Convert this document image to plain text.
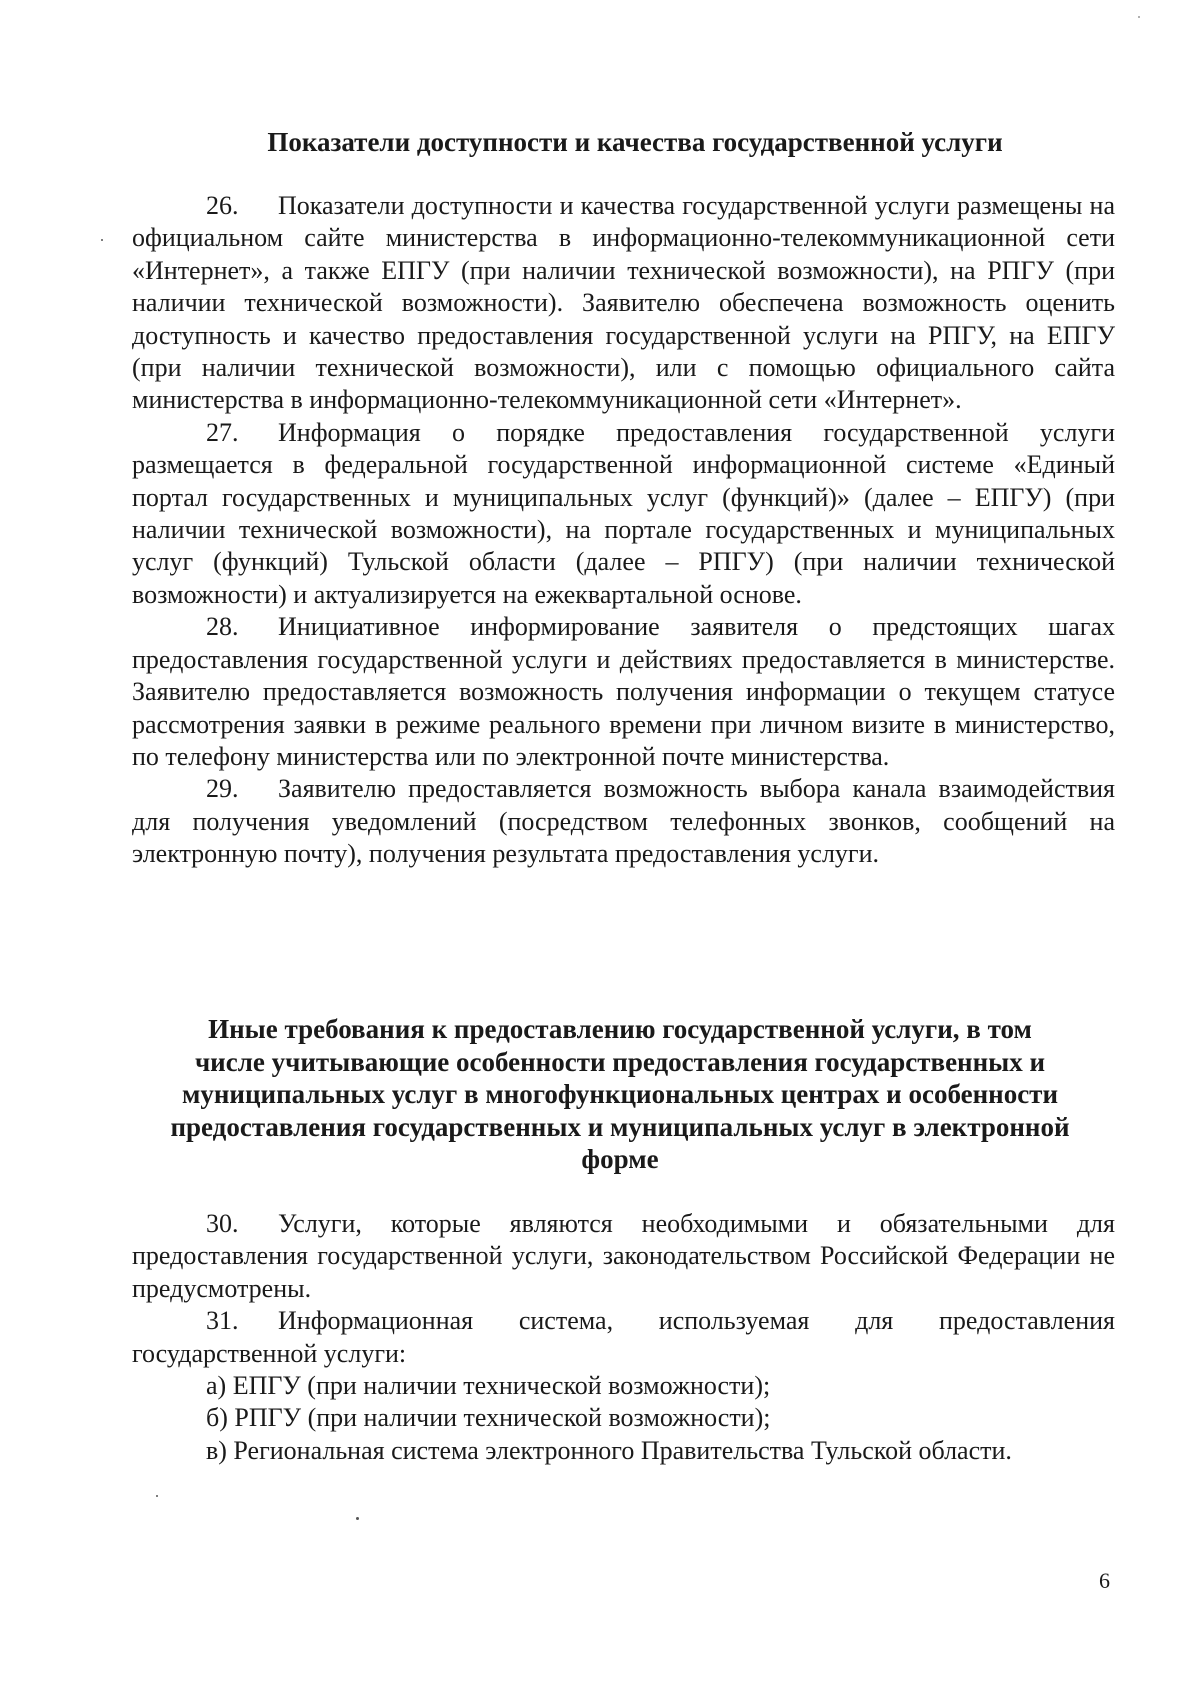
Показатели доступности и качества государственной услуги

26. Показатели доступности и качества государственной услуги размещены на официальном сайте министерства в информационно-телекоммуникационной сети «Интернет», а также ЕПГУ (при наличии технической возможности), на РПГУ (при наличии технической возможности). Заявителю обеспечена возможность оценить доступность и качество предоставления государственной услуги на РПГУ, на ЕПГУ (при наличии технической возможности), или с помощью официального сайта министерства в информационно-телекоммуникационной сети «Интернет».

27. Информация о порядке предоставления государственной услуги размещается в федеральной государственной информационной системе «Единый портал государственных и муниципальных услуг (функций)» (далее – ЕПГУ) (при наличии технической возможности), на портале государственных и муниципальных услуг (функций) Тульской области (далее – РПГУ) (при наличии технической возможности) и актуализируется на ежеквартальной основе.

28. Инициативное информирование заявителя о предстоящих шагах предоставления государственной услуги и действиях предоставляется в министерстве. Заявителю предоставляется возможность получения информации о текущем статусе рассмотрения заявки в режиме реального времени при личном визите в министерство, по телефону министерства или по электронной почте министерства.

29. Заявителю предоставляется возможность выбора канала взаимодействия для получения уведомлений (посредством телефонных звонков, сообщений на электронную почту), получения результата предоставления услуги.

Иные требования к предоставлению государственной услуги, в том
числе учитывающие особенности предоставления государственных и
муниципальных услуг в многофункциональных центрах и особенности
предоставления государственных и муниципальных услуг в электронной
форме

30. Услуги, которые являются необходимыми и обязательными для предоставления государственной услуги, законодательством Российской Федерации не предусмотрены.

31. Информационная система, используемая для предоставления государственной услуги:

а) ЕПГУ (при наличии технической возможности);

б) РПГУ (при наличии технической возможности);

в) Региональная система электронного Правительства Тульской области.

6
